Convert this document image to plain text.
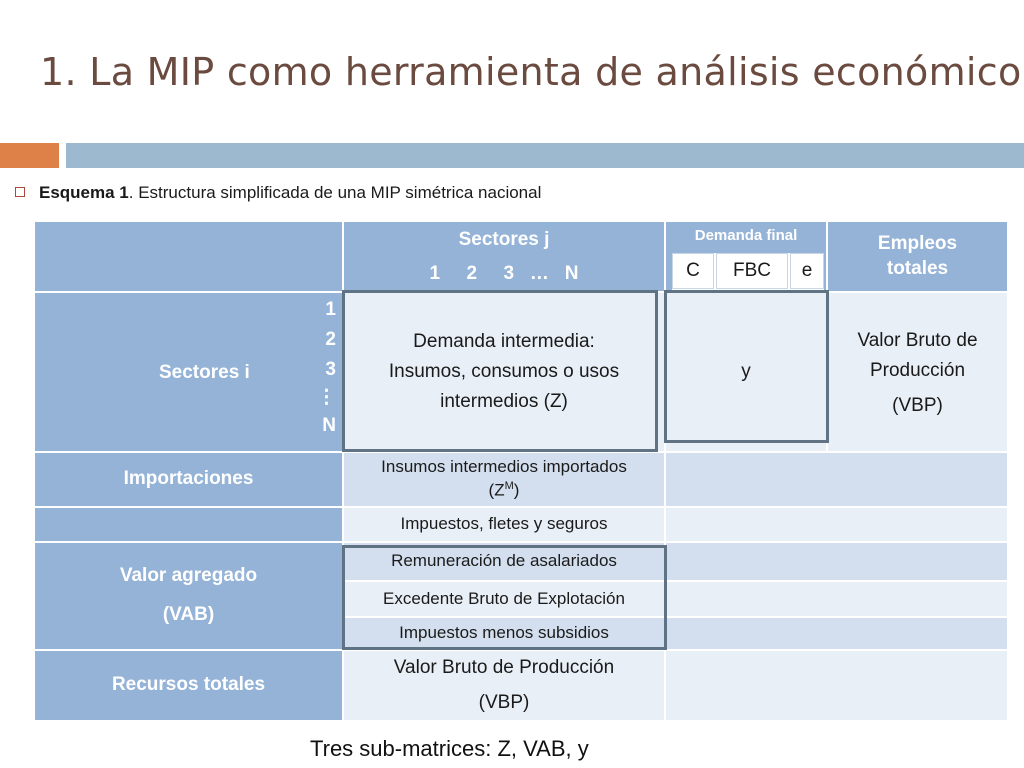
1. La MIP como herramienta de análisis económico
Esquema 1. Estructura simplificada de una MIP simétrica nacional
Sectores j
1     2     3   …   N
Demanda final
C FBC e
Empleos totales
Sectores i
1
2
3
⋮
N
Demanda intermedia: Insumos, consumos o usos intermedios (Z)
y
Valor Bruto de Producción
(VBP)
Importaciones
Insumos intermedios importados
$(Z^M)$
Impuestos, fletes y seguros
Valor agregado
(VAB)
Remuneración de asalariados
Excedente Bruto de Explotación
Impuestos menos subsidios
Recursos totales
Valor Bruto de Producción
(VBP)
Tres sub-matrices: Z, VAB, y
